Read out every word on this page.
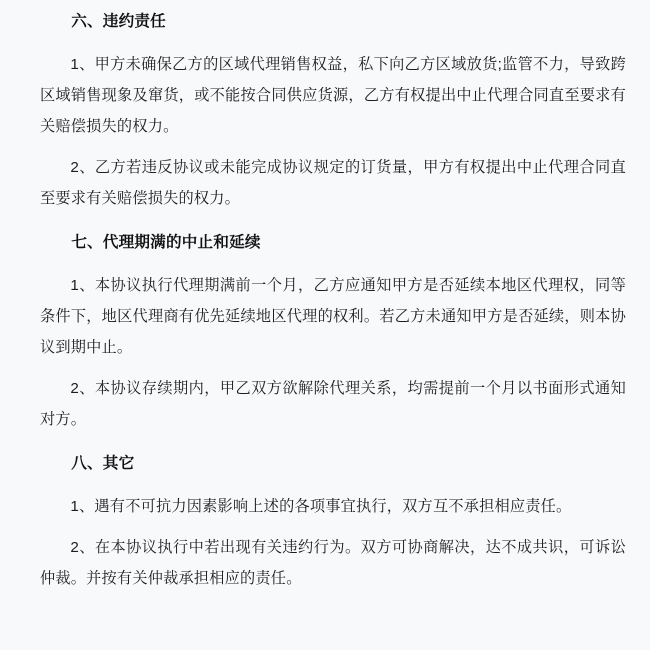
六、违约责任
1、甲方未确保乙方的区域代理销售权益，私下向乙方区域放货;监管不力，导致跨区域销售现象及窜货，或不能按合同供应货源，乙方有权提出中止代理合同直至要求有关赔偿损失的权力。
2、乙方若违反协议或未能完成协议规定的订货量，甲方有权提出中止代理合同直至要求有关赔偿损失的权力。
七、代理期满的中止和延续
1、本协议执行代理期满前一个月，乙方应通知甲方是否延续本地区代理权，同等条件下，地区代理商有优先延续地区代理的权利。若乙方未通知甲方是否延续，则本协议到期中止。
2、本协议存续期内，甲乙双方欲解除代理关系，均需提前一个月以书面形式通知对方。
八、其它
1、遇有不可抗力因素影响上述的各项事宜执行，双方互不承担相应责任。
2、在本协议执行中若出现有关违约行为。双方可协商解决，达不成共识，可诉讼仲裁。并按有关仲裁承担相应的责任。
